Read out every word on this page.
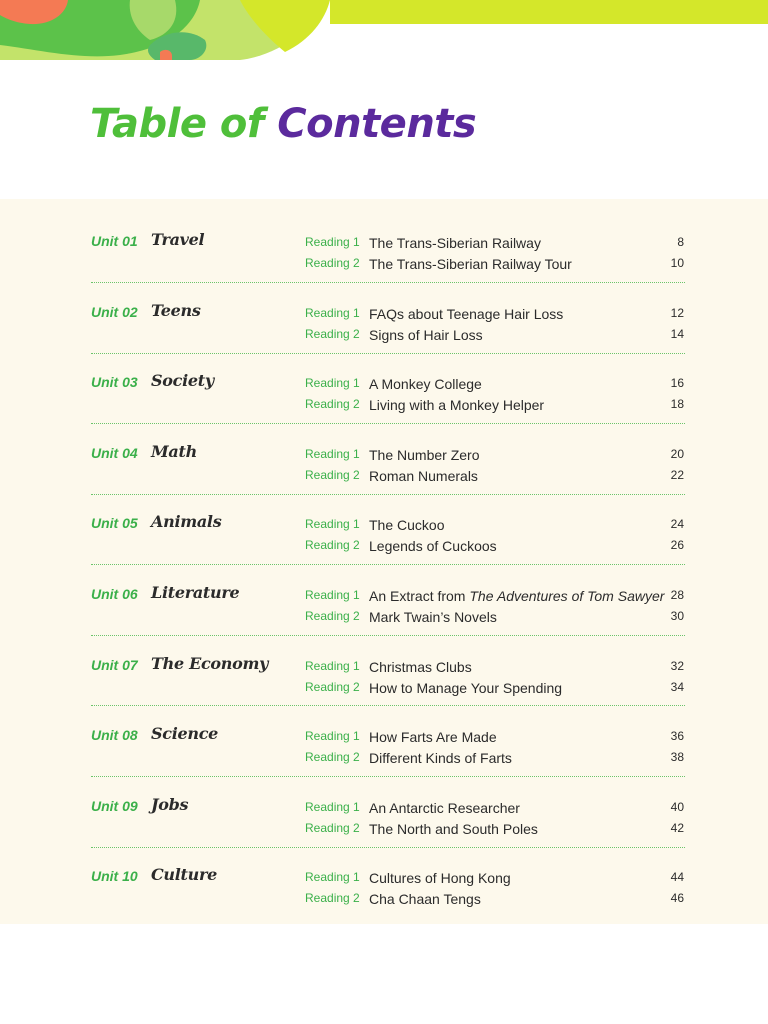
Table of Contents
Unit 01 Travel	Reading 1 The Trans-Siberian Railway	8
Reading 2 The Trans-Siberian Railway Tour	10
Unit 02 Teens	Reading 1 FAQs about Teenage Hair Loss	12
Reading 2 Signs of Hair Loss	14
Unit 03 Society	Reading 1 A Monkey College	16
Reading 2 Living with a Monkey Helper	18
Unit 04 Math	Reading 1 The Number Zero	20
Reading 2 Roman Numerals	22
Unit 05 Animals	Reading 1 The Cuckoo	24
Reading 2 Legends of Cuckoos	26
Unit 06 Literature	Reading 1 An Extract from The Adventures of Tom Sawyer 28
Reading 2 Mark Twain’s Novels	30
Unit 07 The Economy	Reading 1 Christmas Clubs	32
Reading 2 How to Manage Your Spending	34
Unit 08 Science	Reading 1 How Farts Are Made	36
Reading 2 Different Kinds of Farts	38
Unit 09 Jobs	Reading 1 An Antarctic Researcher	40
Reading 2 The North and South Poles	42
Unit 10 Culture	Reading 1 Cultures of Hong Kong	44
Reading 2 Cha Chaan Tengs	46
